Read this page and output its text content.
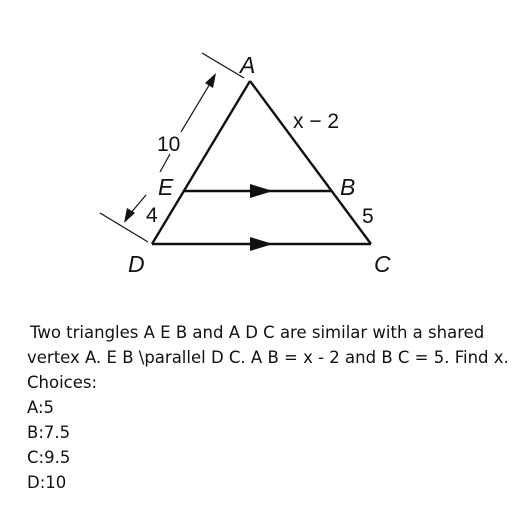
A
B
C
D
E
x − 2
5
10
4
Two triangles A E B and A D C are similar with a shared
vertex A. E B \parallel D C. A B = x - 2 and B C = 5. Find x.
Choices:
A:5
B:7.5
C:9.5
D:10
